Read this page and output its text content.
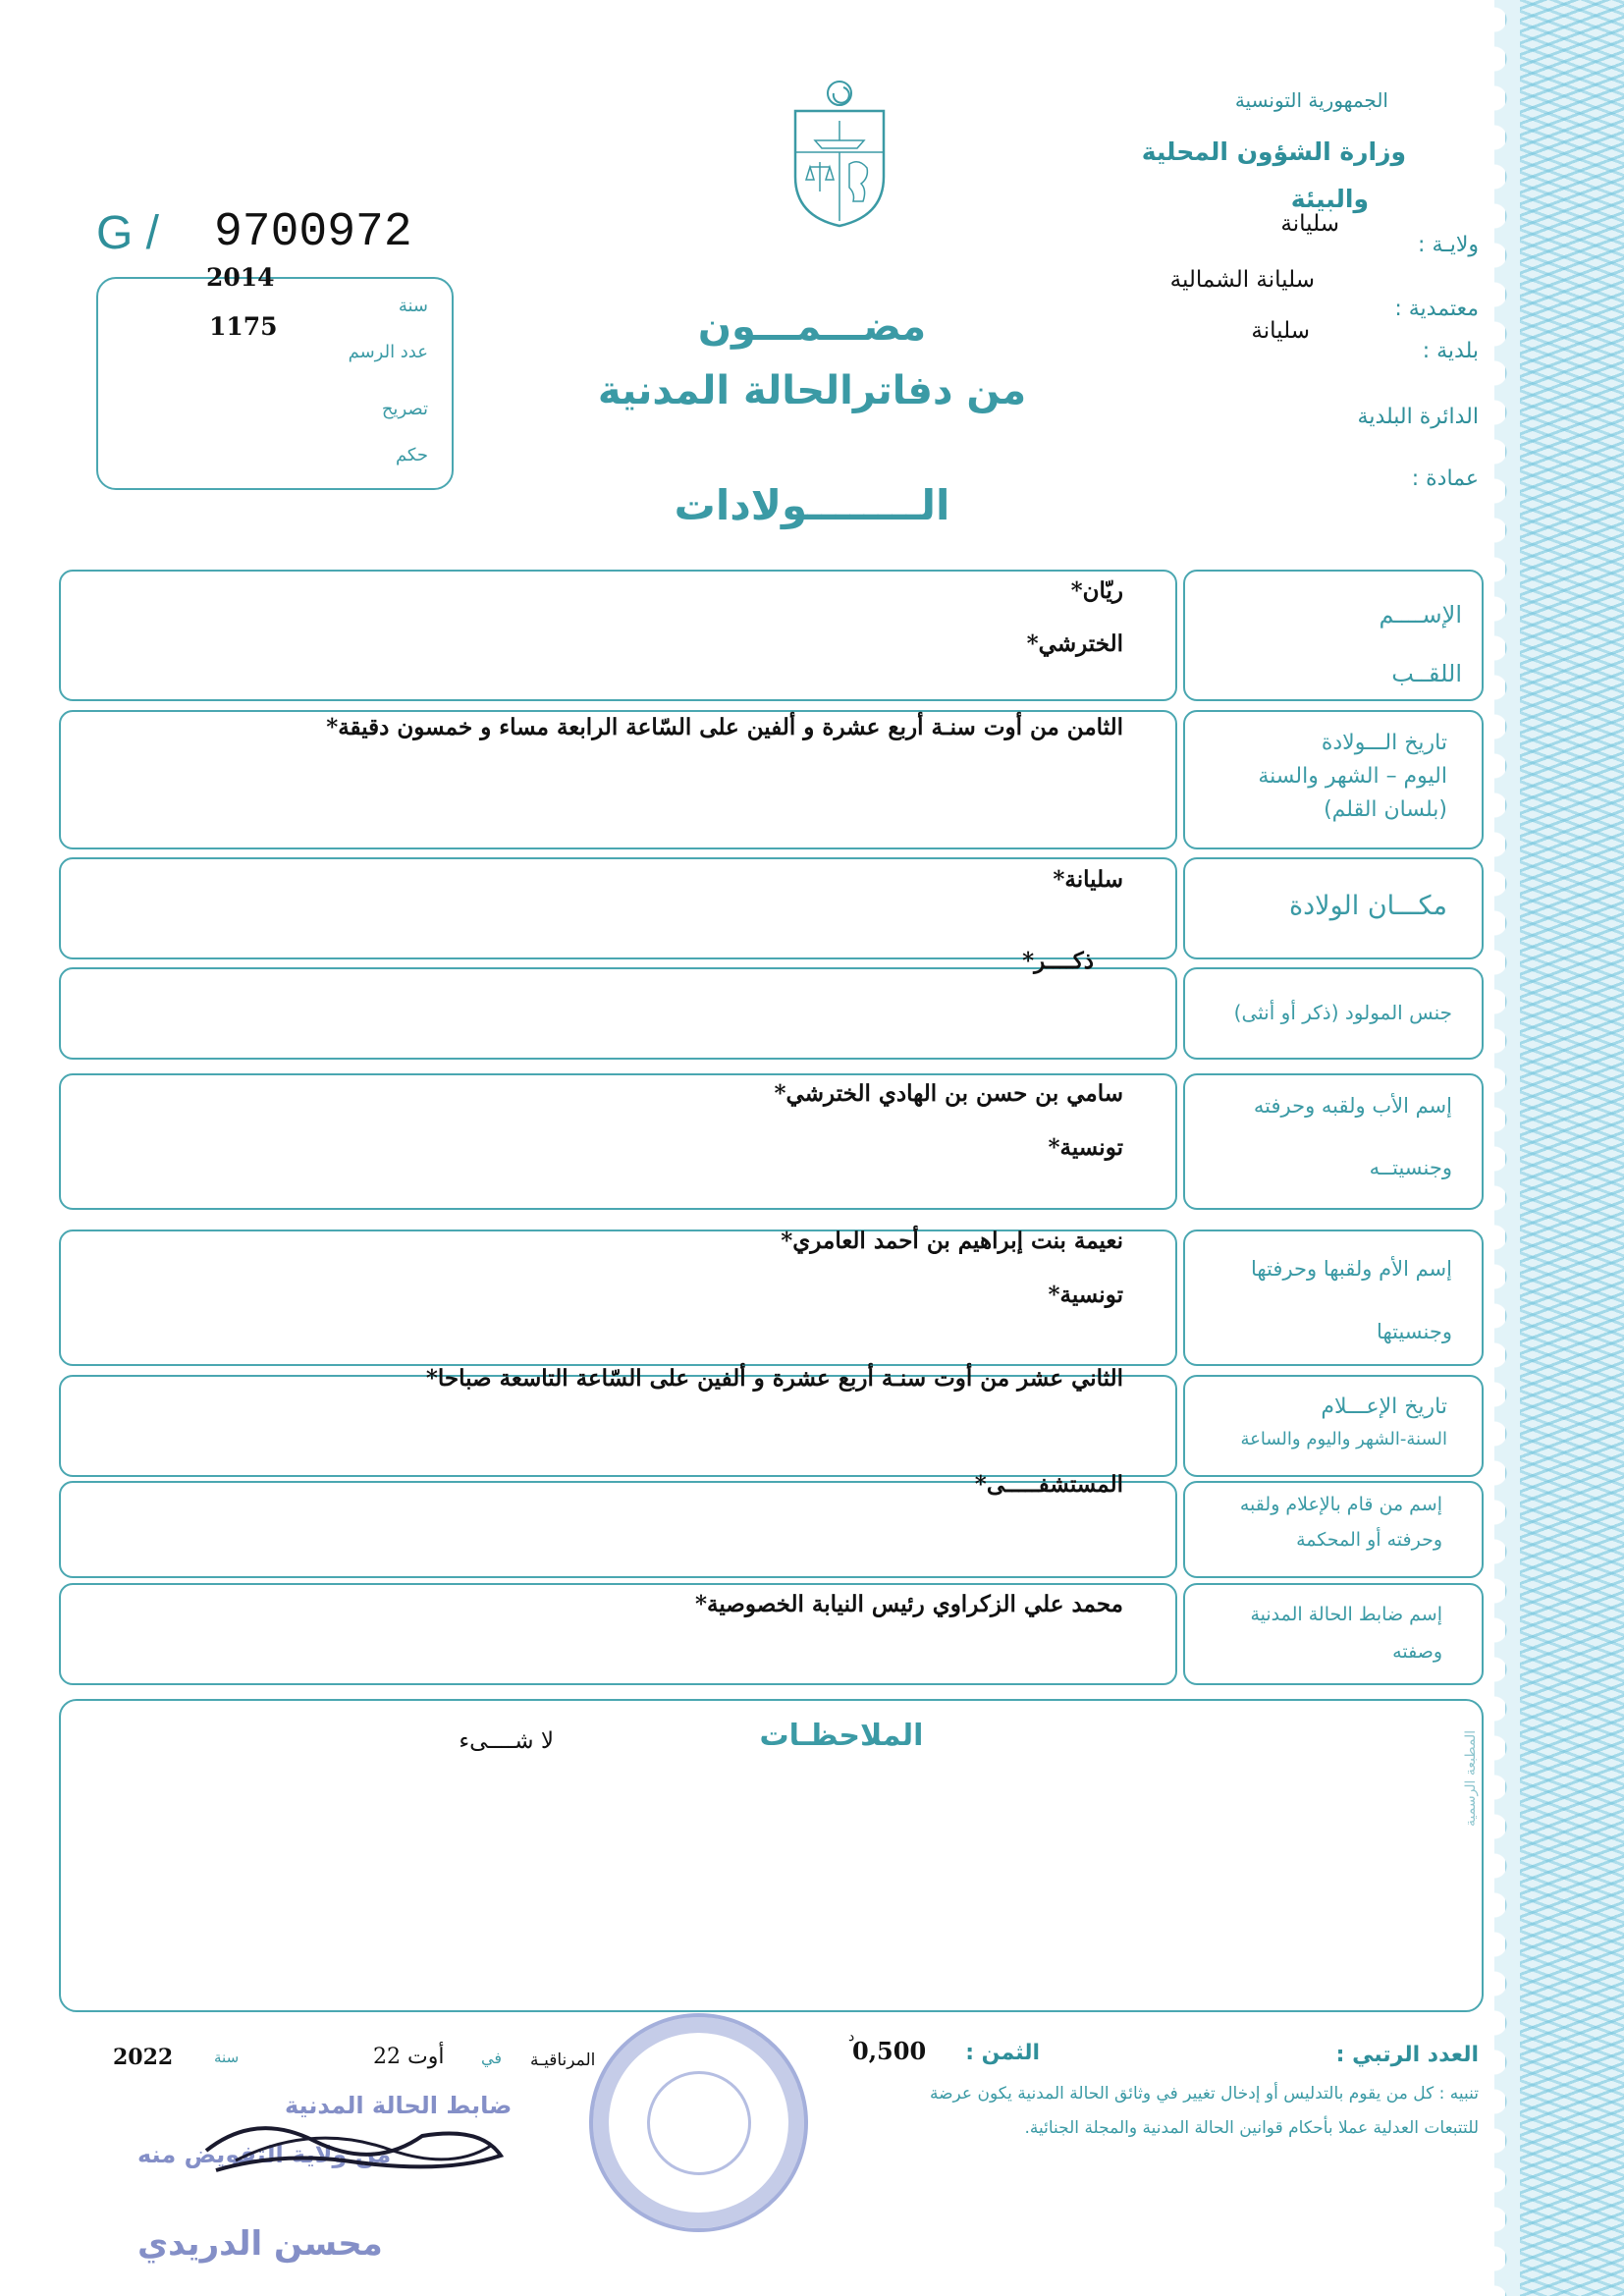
الجمهورية التونسية
وزارة الشؤون المحلية
والبيئة
ولايـة :
سليانة
معتمدية :
سليانة الشمالية
بلدية :
سليانة
الدائرة البلدية
عمادة :
G / 9700972
2014
1175
سنة
عدد الرسم
تصريح
حكم
مضـــمـــون
من دفاترالحالة المدنية
الــــــــولادات
الإســــم
اللقــب
ريّان*
الخترشي*
تاريخ الـــولادة
اليوم – الشهر والسنة
(بلسان القلم)
الثامن من أوت سنـة أربع عشرة و ألفين على السّاعة الرابعة مساء و خمسون دقيقة*
مكـــان الولادة
سليانة*
جنس المولود (ذكر أو أنثى)
ذكــــر*
إسم الأب ولقبه وحرفته
وجنسيتــه
سامي بن حسن بن الهادي الخترشي*
تونسية*
إسم الأم ولقبها وحرفتها
وجنسيتها
نعيمة بنت إبراهيم بن أحمد العامري*
تونسية*
تاريخ الإعـــلام
السنة-الشهر واليوم والساعة
الثاني عشر من أوت سنـة أربع عشرة و ألفين على السّاعة التاسعة صباحا*
إسم من قام بالإعلام ولقبه
وحرفته أو المحكمة
المستشفـــــى*
إسم ضابط الحالة المدنية
وصفته
محمد علي الزكراوي رئيس النيابة الخصوصية*
الملاحظـات
لا شــــىء	المطبعة الرسمية
العدد الرتبي :
الثمن :
0,500
د
المرناقيـة
في
22 أوت
سنة
2022
تنبيه : كل من يقوم بالتدليس أو إدخال تغيير في وثائق الحالة المدنية يكون عرضة
للتتبعات العدلية عملا بأحكام قوانين الحالة المدنية والمجلة الجنائية.
ضابط الحالة المدنية
من ولاية التفويض منه
محسن الدريدي
